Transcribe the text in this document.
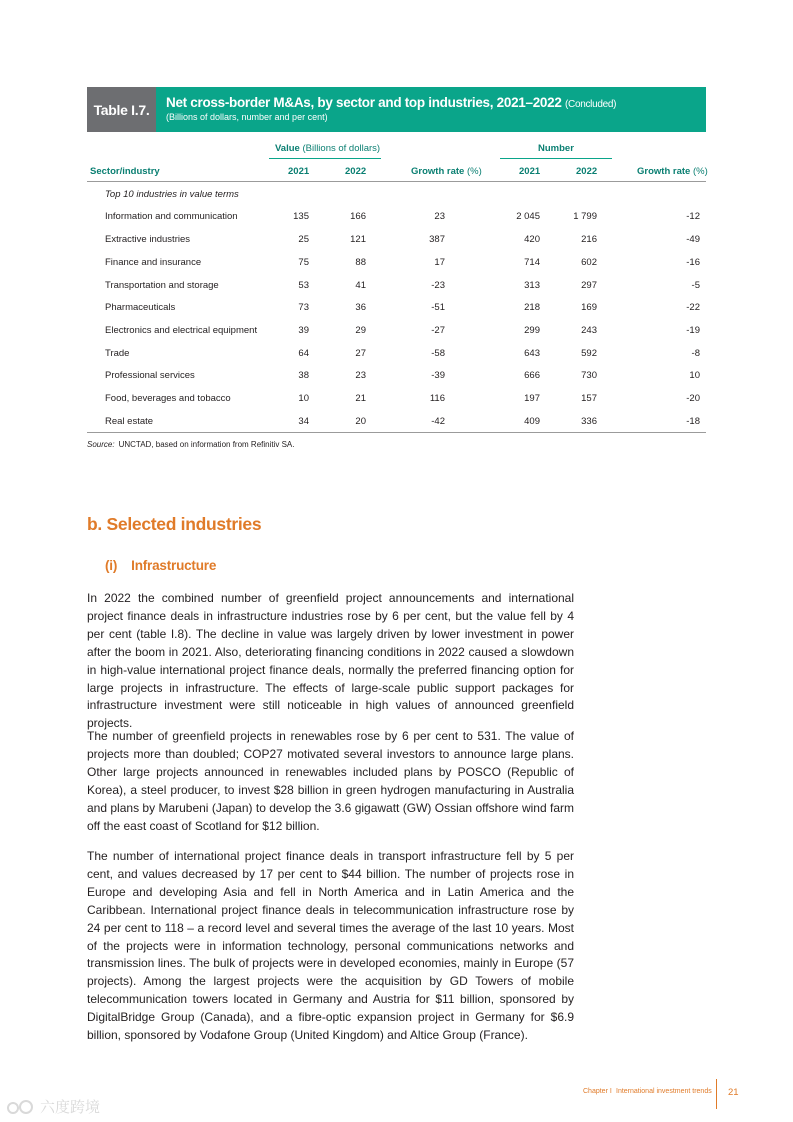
Table I.7.	Net cross-border M&As, by sector and top industries, 2021–2022 (Concluded)
(Billions of dollars, number and per cent)
Value (Billions of dollars)	Number
Sector/industry	2021	2022	Growth rate (%)	2021	2022	Growth rate (%)
Top 10 industries in value terms
Information and communication	135	166	23	2 045	1 799	-12
Extractive industries	25	121	387	420	216	-49
Finance and insurance	75	88	17	714	602	-16
Transportation and storage	53	41	-23	313	297	-5
Pharmaceuticals	73	36	-51	218	169	-22
Electronics and electrical equipment	39	29	-27	299	243	-19
Trade	64	27	-58	643	592	-8
Professional services	38	23	-39	666	730	10
Food, beverages and tobacco	10	21	116	197	157	-20
Real estate	34	20	-42	409	336	-18
Source: UNCTAD, based on information from Refinitiv SA.
b. Selected industries
(i) Infrastructure

In 2022 the combined number of greenfield project announcements and international project finance deals in infrastructure industries rose by 6 per cent, but the value fell by 4 per cent (table I.8). The decline in value was largely driven by lower investment in power after the boom in 2021. Also, deteriorating financing conditions in 2022 caused a slowdown in high-value international project finance deals, normally the preferred financing option for large projects in infrastructure. The effects of large-scale public support packages for infrastructure investment were still noticeable in high values of announced greenfield projects.

The number of greenfield projects in renewables rose by 6 per cent to 531. The value of projects more than doubled; COP27 motivated several investors to announce large plans. Other large projects announced in renewables included plans by POSCO (Republic of Korea), a steel producer, to invest $28 billion in green hydrogen manufacturing in Australia and plans by Marubeni (Japan) to develop the 3.6 gigawatt (GW) Ossian offshore wind farm off the east coast of Scotland for $12 billion.

The number of international project finance deals in transport infrastructure fell by 5 per cent, and values decreased by 17 per cent to $44 billion. The number of projects rose in Europe and developing Asia and fell in North America and in Latin America and the Caribbean. International project finance deals in telecommunication infrastructure rose by 24 per cent to 118 – a record level and several times the average of the last 10 years. Most of the projects were in information technology, personal communications networks and transmission lines. The bulk of projects were in developed economies, mainly in Europe (57 projects). Among the largest projects were the acquisition by GD Towers of mobile telecommunication towers located in Germany and Austria for $11 billion, sponsored by DigitalBridge Group (Canada), and a fibre-optic expansion project in Germany for $6.9 billion, sponsored by Vodafone Group (United Kingdom) and Altice Group (France).

Chapter I International investment trends 21
六度跨境
